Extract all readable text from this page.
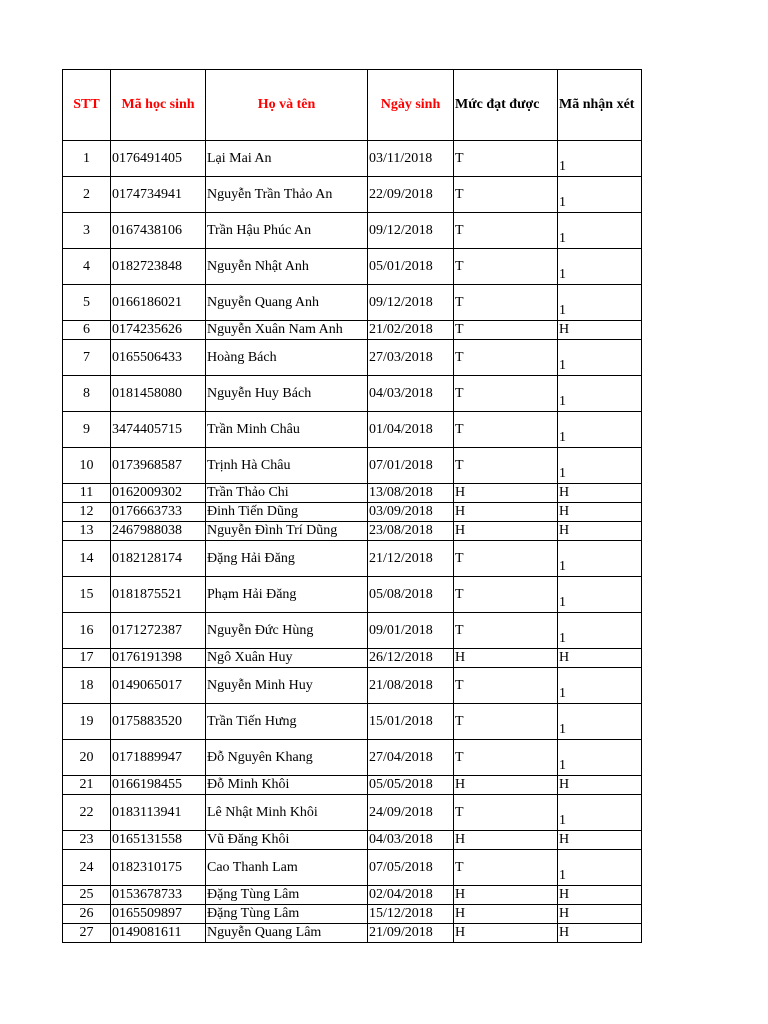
STT	Mã học sinh	Họ và tên	Ngày sinh	Mức đạt được	Mã nhận xét
1	0176491405	Lại Mai An	03/11/2018	T	1
2	0174734941	Nguyễn Trần Thảo An	22/09/2018	T	1
3	0167438106	Trần Hậu Phúc An	09/12/2018	T	1
4	0182723848	Nguyễn Nhật Anh	05/01/2018	T	1
5	0166186021	Nguyễn Quang Anh	09/12/2018	T	1
6	0174235626	Nguyễn Xuân Nam Anh	21/02/2018	T	H
7	0165506433	Hoàng Bách	27/03/2018	T	1
8	0181458080	Nguyễn Huy Bách	04/03/2018	T	1
9	3474405715	Trần Minh Châu	01/04/2018	T	1
10	0173968587	Trịnh Hà Châu	07/01/2018	T	1
11	0162009302	Trần Thảo Chi	13/08/2018	H	H
12	0176663733	Đinh Tiến Dũng	03/09/2018	H	H
13	2467988038	Nguyễn Đình Trí Dũng	23/08/2018	H	H
14	0182128174	Đặng Hải Đăng	21/12/2018	T	1
15	0181875521	Phạm Hải Đăng	05/08/2018	T	1
16	0171272387	Nguyễn Đức Hùng	09/01/2018	T	1
17	0176191398	Ngô Xuân Huy	26/12/2018	H	H
18	0149065017	Nguyễn Minh Huy	21/08/2018	T	1
19	0175883520	Trần Tiến Hưng	15/01/2018	T	1
20	0171889947	Đỗ Nguyên Khang	27/04/2018	T	1
21	0166198455	Đỗ Minh Khôi	05/05/2018	H	H
22	0183113941	Lê Nhật Minh Khôi	24/09/2018	T	1
23	0165131558	Vũ Đăng Khôi	04/03/2018	H	H
24	0182310175	Cao Thanh Lam	07/05/2018	T	1
25	0153678733	Đặng Tùng Lâm	02/04/2018	H	H
26	0165509897	Đặng Tùng Lâm	15/12/2018	H	H
27	0149081611	Nguyễn Quang Lâm	21/09/2018	H	H
